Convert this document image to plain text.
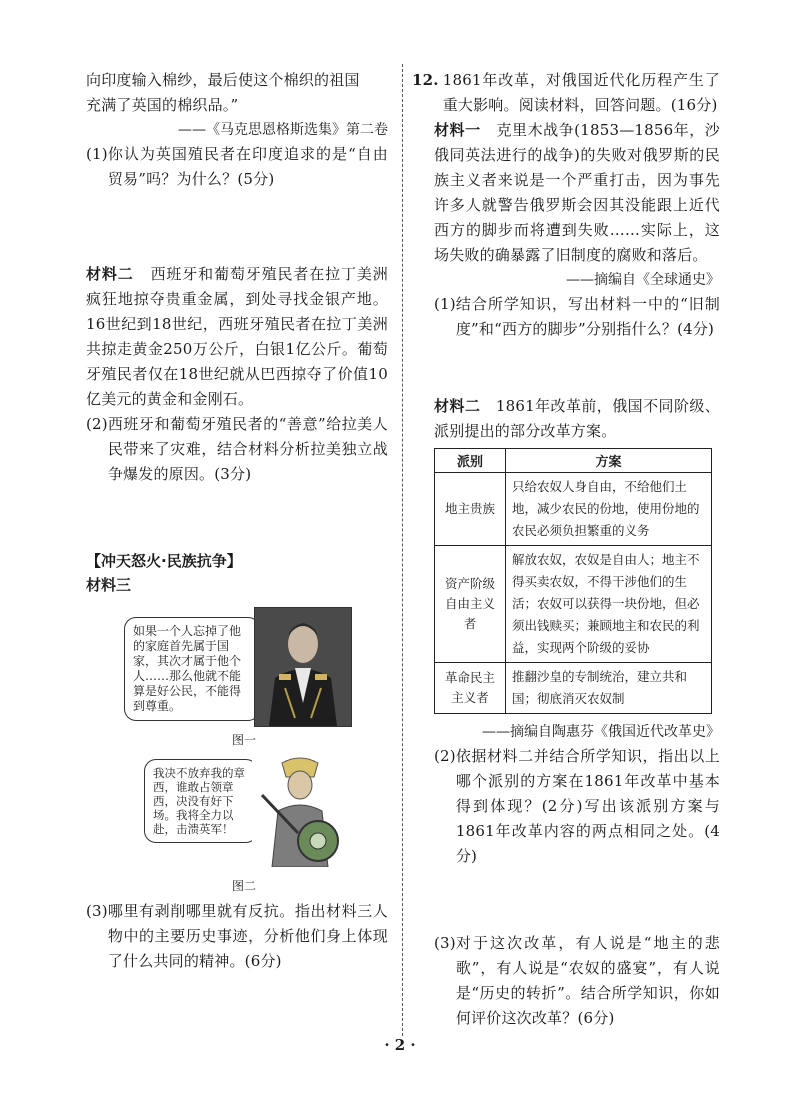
向印度输入棉纱，最后使这个棉织的祖国

充满了英国的棉织品。”

——《马克思恩格斯选集》第二卷

(1) 你认为英国殖民者在印度追求的是“自由贸易”吗？为什么？(5分)

材料二 西班牙和葡萄牙殖民者在拉丁美洲疯狂地掠夺贵重金属，到处寻找金银产地。16世纪到18世纪，西班牙殖民者在拉丁美洲共掠走黄金250万公斤，白银1亿公斤。葡萄牙殖民者仅在18世纪就从巴西掠夺了价值10亿美元的黄金和金刚石。

(2) 西班牙和葡萄牙殖民者的“善意”给拉美人民带来了灾难，结合材料分析拉美独立战争爆发的原因。(3分)

【冲天怒火·民族抗争】

材料三

如果一个人忘掉了他的家庭首先属于国家，其次才属于他个人……那么他就不能算是好公民，不能得到尊重。
图一
我决不放弃我的章西，谁敢占领章西，决没有好下场。我将全力以赴，击溃英军！
图二
(3) 哪里有剥削哪里就有反抗。指出材料三人物中的主要历史事迹，分析他们身上体现了什么共同的精神。(6分)
12. 1861年改革，对俄国近代化历程产生了重大影响。阅读材料，回答问题。(16分)

材料一 克里木战争(1853—1856年，沙俄同英法进行的战争)的失败对俄罗斯的民族主义者来说是一个严重打击，因为事先许多人就警告俄罗斯会因其没能跟上近代西方的脚步而将遭到失败……实际上，这场失败的确暴露了旧制度的腐败和落后。

——摘编自《全球通史》

(1) 结合所学知识，写出材料一中的“旧制度”和“西方的脚步”分别指什么？(4分)

材料二 1861年改革前，俄国不同阶级、派别提出的部分改革方案。

派别	方案
地主贵族	只给农奴人身自由，不给他们土地，减少农民的份地，使用份地的农民必须负担繁重的义务
资产阶级自由主义者	解放农奴，农奴是自由人；地主不得买卖农奴，不得干涉他们的生活；农奴可以获得一块份地，但必须出钱赎买；兼顾地主和农民的利益，实现两个阶级的妥协
革命民主主义者	推翻沙皇的专制统治，建立共和国；彻底消灭农奴制

——摘编自陶惠芬《俄国近代改革史》

(2) 依据材料二并结合所学知识，指出以上哪个派别的方案在1861年改革中基本得到体现？(2分)写出该派别方案与1861年改革内容的两点相同之处。(4分)
(3) 对于这次改革，有人说是“地主的悲歌”，有人说是“农奴的盛宴”，有人说是“历史的转折”。结合所学知识，你如何评价这次改革？(6分)
· 2 ·
